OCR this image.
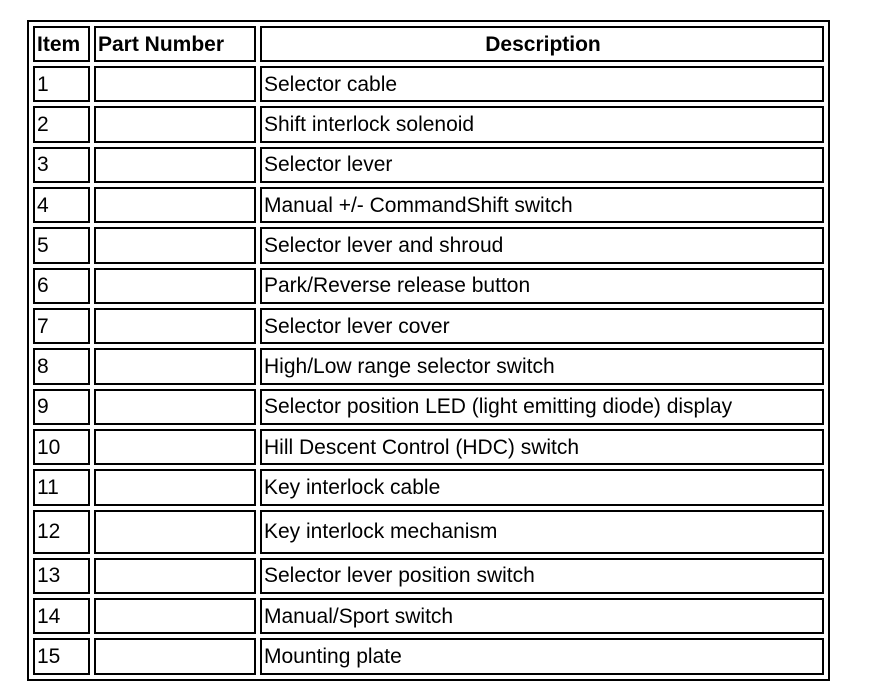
Item	Part Number	Description
1		Selector cable
2		Shift interlock solenoid
3		Selector lever
4		Manual +/- CommandShift switch
5		Selector lever and shroud
6		Park/Reverse release button
7		Selector lever cover
8		High/Low range selector switch
9		Selector position LED (light emitting diode) display
10		Hill Descent Control (HDC) switch
11		Key interlock cable
12		Key interlock mechanism
13		Selector lever position switch
14		Manual/Sport switch
15		Mounting plate
